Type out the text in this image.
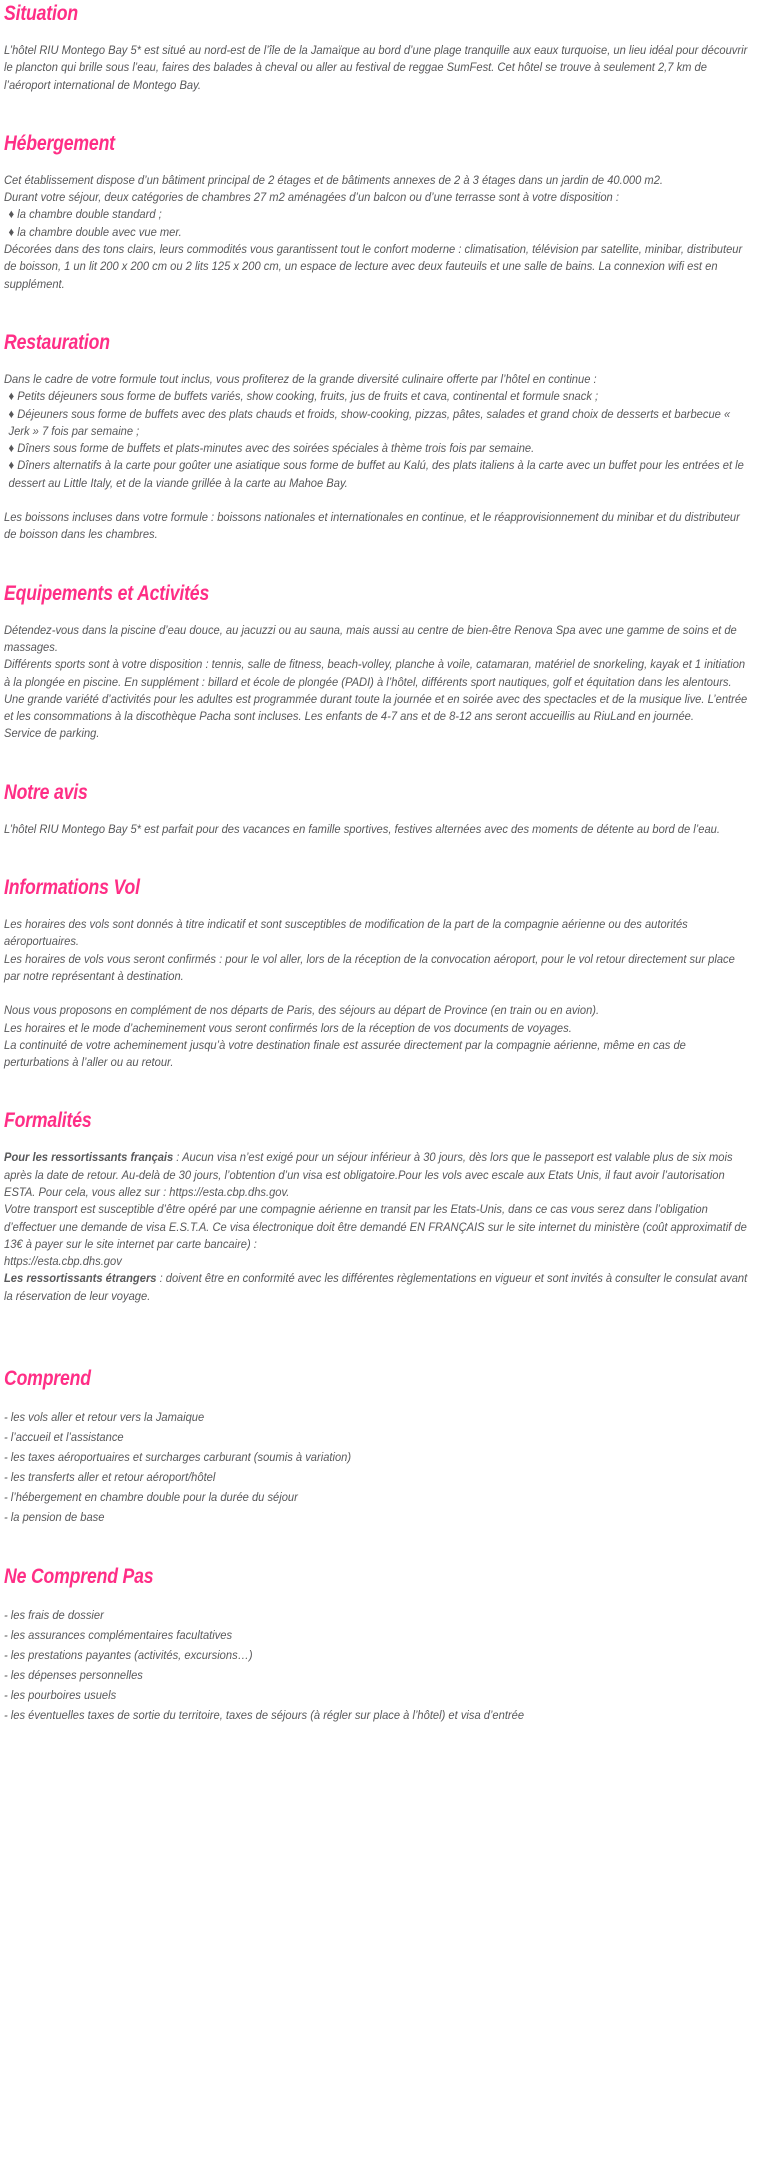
Situation

L’hôtel RIU Montego Bay 5* est situé au nord-est de l’île de la Jamaïque au bord d’une plage tranquille aux eaux turquoise, un lieu idéal pour découvrir le plancton qui brille sous l’eau, faires des balades à cheval ou aller au festival de reggae SumFest. Cet hôtel se trouve à seulement 2,7 km de l’aéroport international de Montego Bay.

Hébergement

Cet établissement dispose d’un bâtiment principal de 2 étages et de bâtiments annexes de 2 à 3 étages dans un jardin de 40.000 m2.

Durant votre séjour, deux catégories de chambres 27 m2 aménagées d’un balcon ou d’une terrasse sont à votre disposition :

♦ la chambre double standard ;

♦ la chambre double avec vue mer.

Décorées dans des tons clairs, leurs commodités vous garantissent tout le confort moderne : climatisation, télévision par satellite, minibar, distributeur de boisson, 1 un lit 200 x 200 cm ou 2 lits 125 x 200 cm, un espace de lecture avec deux fauteuils et une salle de bains. La connexion wifi est en supplément.

Restauration

Dans le cadre de votre formule tout inclus, vous profiterez de la grande diversité culinaire offerte par l’hôtel en continue :

♦ Petits déjeuners sous forme de buffets variés, show cooking, fruits, jus de fruits et cava, continental et formule snack ;

♦ Déjeuners sous forme de buffets avec des plats chauds et froids, show-cooking, pizzas, pâtes, salades et grand choix de desserts et barbecue « Jerk » 7 fois par semaine ;

♦ Dîners sous forme de buffets et plats-minutes avec des soirées spéciales à thème trois fois par semaine.

♦ Dîners alternatifs à la carte pour goûter une asiatique sous forme de buffet au Kalú, des plats italiens à la carte avec un buffet pour les entrées et le dessert au Little Italy, et de la viande grillée à la carte au Mahoe Bay.

Les boissons incluses dans votre formule : boissons nationales et internationales en continue, et le réapprovisionnement du minibar et du distributeur de boisson dans les chambres.

Equipements et Activités

Détendez-vous dans la piscine d’eau douce, au jacuzzi ou au sauna, mais aussi au centre de bien-être Renova Spa avec une gamme de soins et de massages.

Différents sports sont à votre disposition : tennis, salle de fitness, beach-volley, planche à voile, catamaran, matériel de snorkeling, kayak et 1 initiation à la plongée en piscine. En supplément : billard et école de plongée (PADI) à l’hôtel, différents sport nautiques, golf et équitation dans les alentours.

Une grande variété d’activités pour les adultes est programmée durant toute la journée et en soirée avec des spectacles et de la musique live. L’entrée et les consommations à la discothèque Pacha sont incluses. Les enfants de 4-7 ans et de 8-12 ans seront accueillis au RiuLand en journée.

Service de parking.

Notre avis

L’hôtel RIU Montego Bay 5* est parfait pour des vacances en famille sportives, festives alternées avec des moments de détente au bord de l’eau.

Informations Vol

Les horaires des vols sont donnés à titre indicatif et sont susceptibles de modification de la part de la compagnie aérienne ou des autorités aéroportuaires.

Les horaires de vols vous seront confirmés : pour le vol aller, lors de la réception de la convocation aéroport, pour le vol retour directement sur place par notre représentant à destination.

Nous vous proposons en complément de nos départs de Paris, des séjours au départ de Province (en train ou en avion).

Les horaires et le mode d’acheminement vous seront confirmés lors de la réception de vos documents de voyages.

La continuité de votre acheminement jusqu’à votre destination finale est assurée directement par la compagnie aérienne, même en cas de perturbations à l’aller ou au retour.

Formalités

Pour les ressortissants français : Aucun visa n’est exigé pour un séjour inférieur à 30 jours, dès lors que le passeport est valable plus de six mois après la date de retour. Au-delà de 30 jours, l’obtention d’un visa est obligatoire.Pour les vols avec escale aux Etats Unis, il faut avoir l’autorisation ESTA. Pour cela, vous allez sur : https://esta.cbp.dhs.gov.

Votre transport est susceptible d’être opéré par une compagnie aérienne en transit par les Etats-Unis, dans ce cas vous serez dans l’obligation d’effectuer une demande de visa E.S.T.A. Ce visa électronique doit être demandé EN FRANÇAIS sur le site internet du ministère (coût approximatif de 13€ à payer sur le site internet par carte bancaire) :

https://esta.cbp.dhs.gov

Les ressortissants étrangers : doivent être en conformité avec les différentes règlementations en vigueur et sont invités à consulter le consulat avant la réservation de leur voyage.

Comprend

- les vols aller et retour vers la Jamaique

- l’accueil et l’assistance

- les taxes aéroportuaires et surcharges carburant (soumis à variation)

- les transferts aller et retour aéroport/hôtel

- l’hébergement en chambre double pour la durée du séjour

- la pension de base

Ne Comprend Pas

- les frais de dossier

- les assurances complémentaires facultatives

- les prestations payantes (activités, excursions…)

- les dépenses personnelles

- les pourboires usuels

- les éventuelles taxes de sortie du territoire, taxes de séjours (à régler sur place à l’hôtel) et visa d’entrée
